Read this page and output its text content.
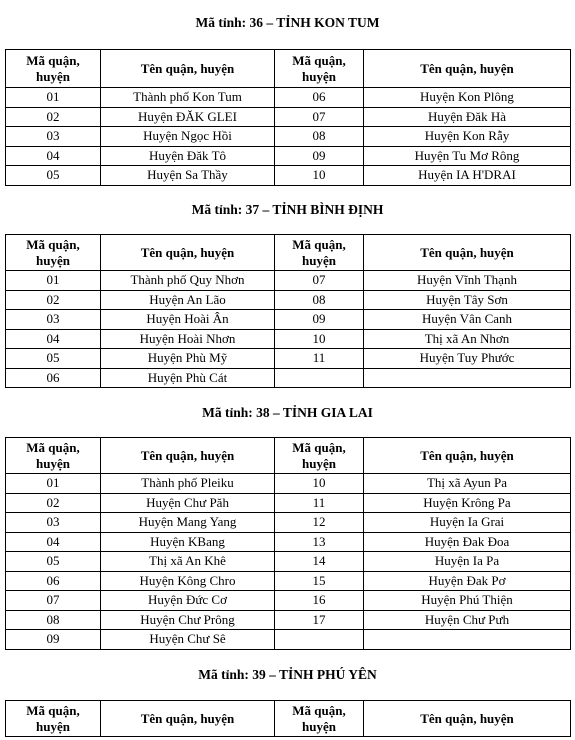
Mã tỉnh: 36 – TỈNH KON TUM
Mã quận, huyện	Tên quận, huyện	Mã quận, huyện	Tên quận, huyện
01	Thành phố Kon Tum	06	Huyện Kon Plông
02	Huyện ĐĂK GLEI	07	Huyện Đăk Hà
03	Huyện Ngọc Hồi	08	Huyện Kon Rẫy
04	Huyện Đăk Tô	09	Huyện Tu Mơ Rông
05	Huyện Sa Thầy	10	Huyện IA H'DRAI
Mã tỉnh: 37 – TỈNH BÌNH ĐỊNH
Mã quận, huyện	Tên quận, huyện	Mã quận, huyện	Tên quận, huyện
01	Thành phố Quy Nhơn	07	Huyện Vĩnh Thạnh
02	Huyện An Lão	08	Huyện Tây Sơn
03	Huyện Hoài Ân	09	Huyện Vân Canh
04	Huyện Hoài Nhơn	10	Thị xã An Nhơn
05	Huyện Phù Mỹ	11	Huyện Tuy Phước
06	Huyện Phù Cát		
Mã tỉnh: 38 – TỈNH GIA LAI
Mã quận, huyện	Tên quận, huyện	Mã quận, huyện	Tên quận, huyện
01	Thành phố Pleiku	10	Thị xã Ayun Pa
02	Huyện Chư Păh	11	Huyện Krông Pa
03	Huyện Mang Yang	12	Huyện Ia Grai
04	Huyện KBang	13	Huyện Đak Đoa
05	Thị xã An Khê	14	Huyện Ia Pa
06	Huyện Kông Chro	15	Huyện Đak Pơ
07	Huyện Đức Cơ	16	Huyện Phú Thiện
08	Huyện Chư Prông	17	Huyện Chư Pưh
09	Huyện Chư Sê		
Mã tỉnh: 39 – TỈNH PHÚ YÊN
Mã quận, huyện	Tên quận, huyện	Mã quận, huyện	Tên quận, huyện
